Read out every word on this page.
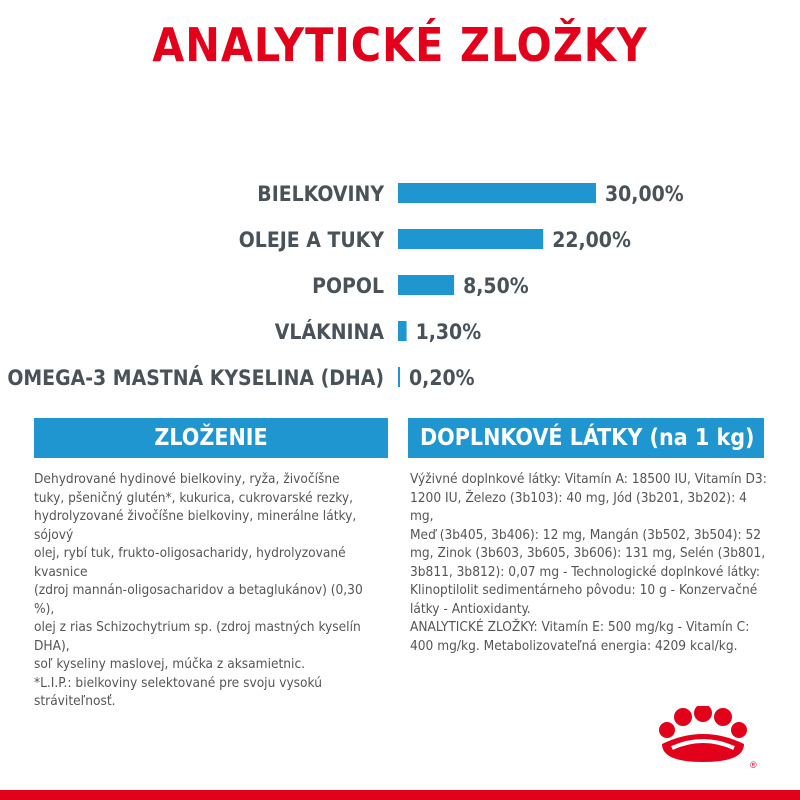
ANALYTICKÉ ZLOŽKY
BIELKOVINY	30,00%
OLEJE A TUKY	22,00%
POPOL	8,50%
VLÁKNINA 1,30%
OMEGA-3 MASTNÁ KYSELINA (DHA) 0,20%
ZLOŽENIE

Dehydrované hydinové bielkoviny, ryža, živočíšne

tuky, pšeničný glutén*, kukurica, cukrovarské rezky,

hydrolyzované živočíšne bielkoviny, minerálne látky, sójový

olej, rybí tuk, frukto-oligosacharidy, hydrolyzované kvasnice

(zdroj mannán-oligosacharidov a betaglukánov) (0,30 %),

olej z rias Schizochytrium sp. (zdroj mastných kyselín DHA),

soľ kyseliny maslovej, múčka z aksamietnic.

*L.I.P.: bielkoviny selektované pre svoju vysokú

stráviteľnosť.

DOPLNKOVÉ LÁTKY (na 1 kg)

Výživné doplnkové látky: Vitamín A: 18500 IU, Vitamín D3:

1200 IU, Železo (3b103): 40 mg, Jód (3b201, 3b202): 4 mg,

Meď (3b405, 3b406): 12 mg, Mangán (3b502, 3b504): 52

mg, Zinok (3b603, 3b605, 3b606): 131 mg, Selén (3b801,

3b811, 3b812): 0,07 mg - Technologické doplnkové látky:

Klinoptilolit sedimentárneho pôvodu: 10 g - Konzervačné

látky - Antioxidanty.

ANALYTICKÉ ZLOŽKY: Vitamín E: 500 mg/kg - Vitamín C:

400 mg/kg. Metabolizovateľná energia: 4209 kcal/kg.

®
